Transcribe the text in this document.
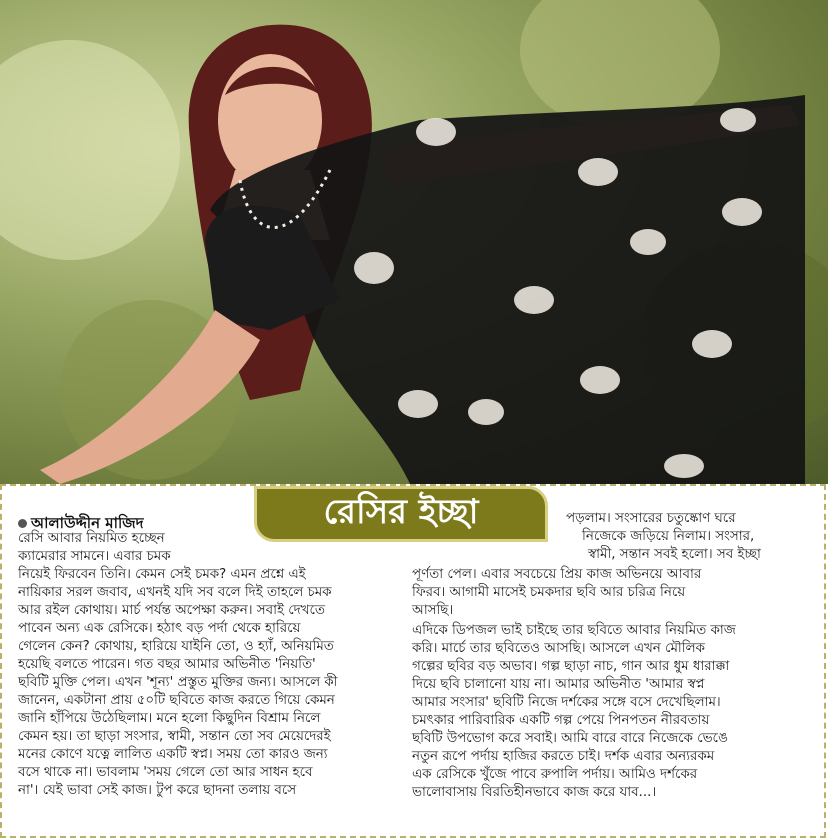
রেসির ইচ্ছা
আলাউদ্দীন মাজিদ
রেসি আবার নিয়মিত হচ্ছেন
ক্যামেরার সামনে। এবার চমক
নিয়েই ফিরবেন তিনি। কেমন সেই চমক? এমন প্রশ্নে এই
নায়িকার সরল জবাব, এখনই যদি সব বলে দিই তাহলে চমক
আর রইল কোথায়। মার্চ পর্যন্ত অপেক্ষা করুন। সবাই দেখতে
পাবেন অন্য এক রেসিকে। হঠাৎ বড় পর্দা থেকে হারিয়ে
গেলেন কেন? কোথায়, হারিয়ে যাইনি তো, ও হ্যাঁ, অনিয়মিত
হয়েছি বলতে পারেন। গত বছর আমার অভিনীত 'নিয়তি'
ছবিটি মুক্তি পেল। এখন 'শূন্য' প্রস্তুত মুক্তির জন্য। আসলে কী
জানেন, একটানা প্রায় ৫০টি ছবিতে কাজ করতে গিয়ে কেমন
জানি হাঁপিয়ে উঠেছিলাম। মনে হলো কিছুদিন বিশ্রাম নিলে
কেমন হয়। তা ছাড়া সংসার, স্বামী, সন্তান তো সব মেয়েদেরই
মনের কোণে যত্নে লালিত একটি স্বপ্ন। সময় তো কারও জন্য
বসে থাকে না। ভাবলাম 'সময় গেলে তো আর সাধন হবে
না'। যেই ভাবা সেই কাজ। টুপ করে ছাদনা তলায় বসে
পড়লাম। সংসারের চতুষ্কোণ ঘরে
নিজেকে জড়িয়ে নিলাম। সংসার,
স্বামী, সন্তান সবই হলো। সব ইচ্ছা
পূর্ণতা পেল। এবার সবচেয়ে প্রিয় কাজ অভিনয়ে আবার
ফিরব। আগামী মাসেই চমকদার ছবি আর চরিত্র নিয়ে
আসছি।
এদিকে ডিপজল ভাই চাইছে তার ছবিতে আবার নিয়মিত কাজ
করি। মার্চে তার ছবিতেও আসছি। আসলে এখন মৌলিক
গল্পের ছবির বড় অভাব। গল্প ছাড়া নাচ, গান আর ধুম ধারাক্কা
দিয়ে ছবি চালানো যায় না। আমার অভিনীত 'আমার স্বপ্ন
আমার সংসার' ছবিটি নিজে দর্শকের সঙ্গে বসে দেখেছিলাম।
চমৎকার পারিবারিক একটি গল্প পেয়ে পিনপতন নীরবতায়
ছবিটি উপভোগ করে সবাই। আমি বারে বারে নিজেকে ভেঙে
নতুন রূপে পর্দায় হাজির করতে চাই। দর্শক এবার অন্যরকম
এক রেসিকে খুঁজে পাবে রুপালি পর্দায়। আমিও দর্শকের
ভালোবাসায় বিরতিহীনভাবে কাজ করে যাব...।
